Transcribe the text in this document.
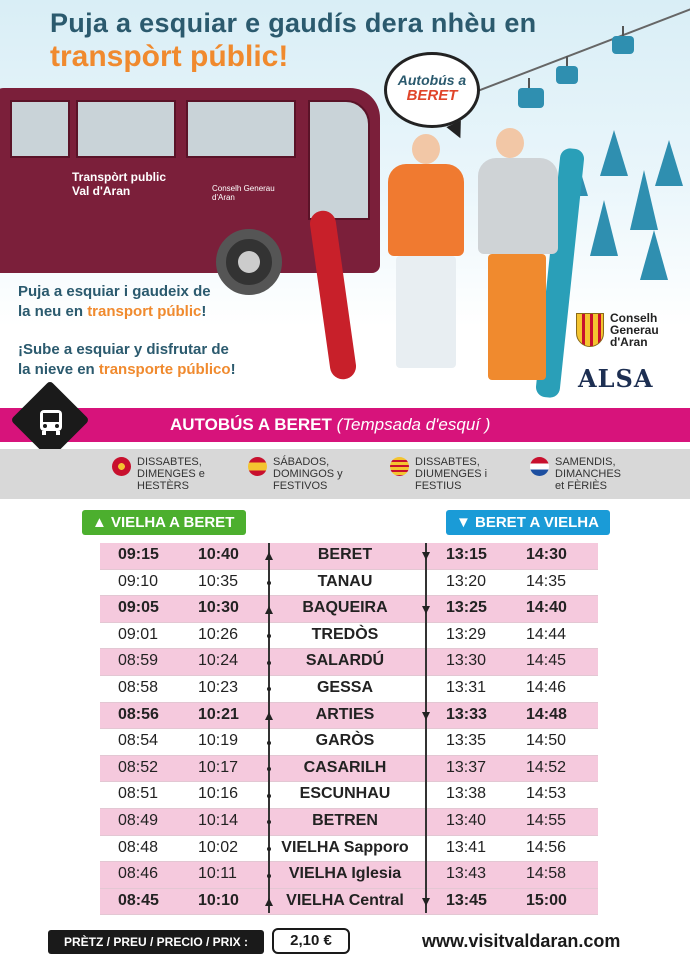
Puja a esquiar e gaudís dera nhèu en
transpòrt públic!
Transpòrt public
Val d'Aran	Conselh Generau
d'Aran
Autobús a
BERET
Puja a esquiar i gaudeix de
la neu en transport públic!
¡Sube a esquiar y disfrutar de
la nieve en transporte público!
Conselh
Generau
d'Aran
ALSA
AUTOBÚS A BERET (Tempsada d'esquí )
DISSABTES,
DIMENGES e
HESTÈRS
SÁBADOS,
DOMINGOS y
FESTIVOS
DISSABTES,
DIUMENGES i
FESTIUS
SAMENDIS,
DIMANCHES
et FÈRIÈS
▲ VIELHA A BERET	▼ BERET A VIELHA
09:15 10:40	BERET	13:15 14:30
09:10 10:35	TANAU	13:20 14:35
09:05 10:30	BAQUEIRA	13:25 14:40
09:01 10:26	TREDÒS	13:29 14:44
08:59 10:24	SALARDÚ	13:30 14:45
08:58 10:23	GESSA	13:31 14:46
08:56 10:21	ARTIES	13:33 14:48
08:54 10:19	GARÒS	13:35 14:50
08:52 10:17	CASARILH	13:37 14:52
08:51 10:16	ESCUNHAU	13:38 14:53
08:49 10:14	BETREN	13:40 14:55
08:48 10:02	VIELHA Sapporo	13:41 14:56
08:46 10:11	VIELHA Iglesia	13:43 14:58
08:45 10:10	VIELHA Central	13:45 15:00
PRÈTZ / PREU / PRECIO / PRIX :	2,10 €	www.visitvaldaran.com
